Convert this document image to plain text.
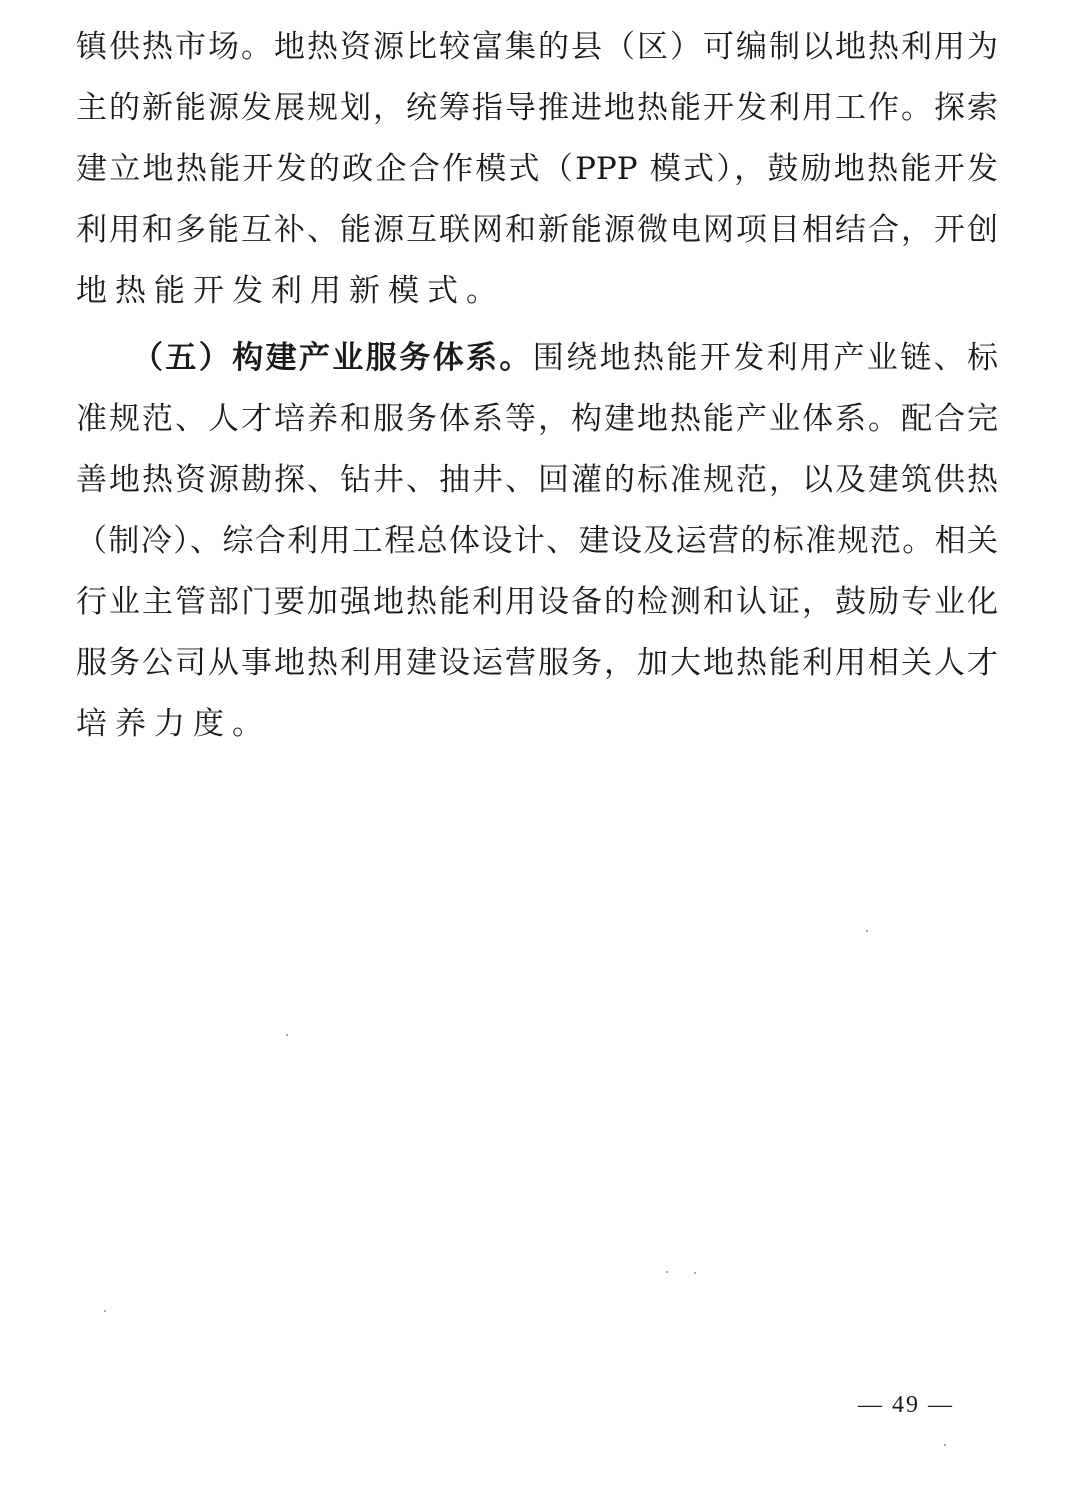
镇供热市场。地热资源比较富集的县（区）可编制以地热利用为
主的新能源发展规划，统筹指导推进地热能开发利用工作。探索
建立地热能开发的政企合作模式（PPP 模式），鼓励地热能开发
利用和多能互补、能源互联网和新能源微电网项目相结合，开创
地热能开发利用新模式。
（五）构建产业服务体系。围绕地热能开发利用产业链、标
准规范、人才培养和服务体系等，构建地热能产业体系。配合完
善地热资源勘探、钻井、抽井、回灌的标准规范，以及建筑供热
（制冷）、综合利用工程总体设计、建设及运营的标准规范。相关
行业主管部门要加强地热能利用设备的检测和认证，鼓励专业化
服务公司从事地热利用建设运营服务，加大地热能利用相关人才
培养力度。
— 49 —
